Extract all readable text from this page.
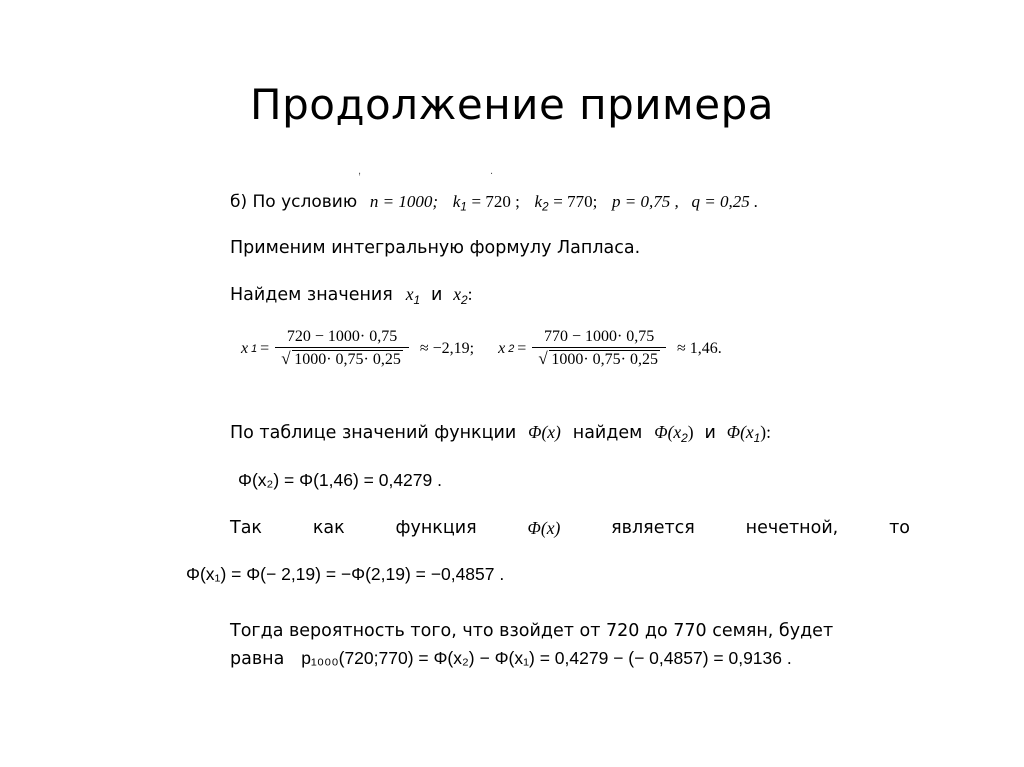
Продолжение примера
,	.
б) По условию n = 1000; $k_1 = 720$ ; $k_2 = 770$; p = 0,75 , q = 0,25 .
Применим интегральную формулу Лапласа.
Найдем значения $x_1$ и $x_2$:
x 1 = 720 − 1000· 0,75
√ 1000· 0,75· 0,25 ≈ −2,19; x 2 = 770 − 1000· 0,75
√ 1000· 0,75· 0,25 ≈ 1,46.
По таблице значений функции Φ(x) найдем $\Phi(x_2)$ и $\Phi(x_1)$:
Φ(x₂) = Φ(1,46) = 0,4279 .
Так	как	функция	Φ(x)	является	нечетной,	то
Φ(x₁) = Φ(− 2,19) = −Φ(2,19) = −0,4857 .
Тогда вероятность того, что взойдет от 720 до 770 семян, будет
равна p₁₀₀₀(720;770) = Φ(x₂) − Φ(x₁) = 0,4279 − (− 0,4857) = 0,9136 .
